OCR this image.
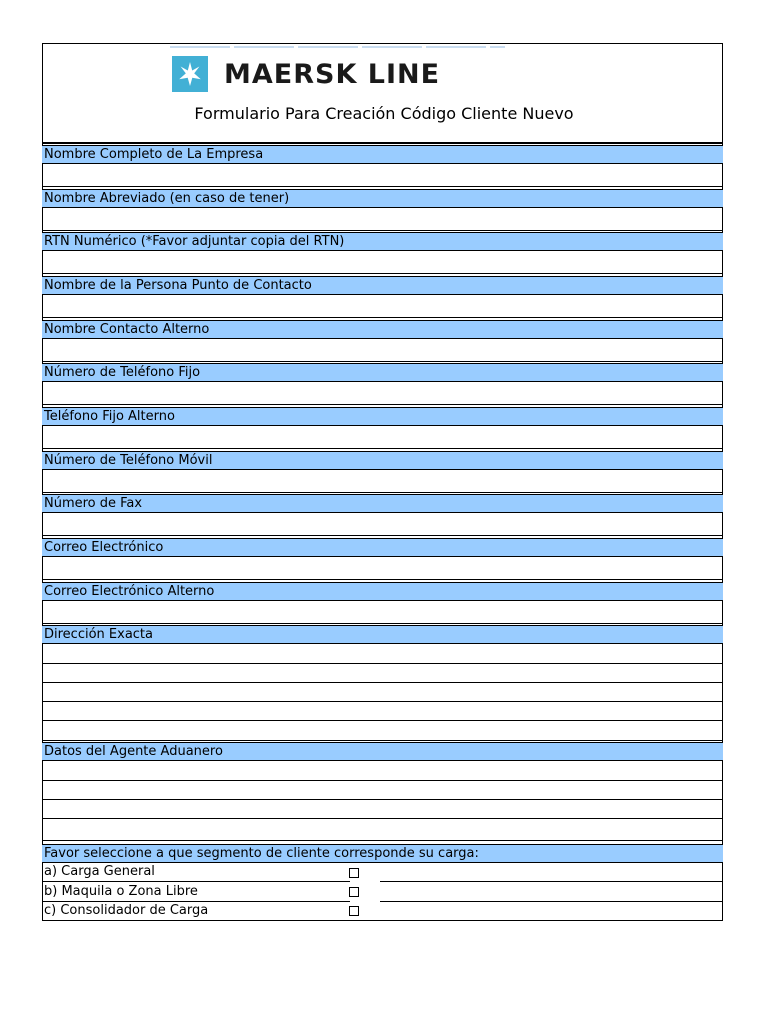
MAERSK LINE
Formulario Para Creación Código Cliente Nuevo
Nombre Completo de La Empresa
Nombre Abreviado (en caso de tener)
RTN Numérico (*Favor adjuntar copia del RTN)
Nombre de la Persona Punto de Contacto
Nombre Contacto Alterno
Número de Teléfono Fijo
Teléfono Fijo Alterno
Número de Teléfono Móvil
Número de Fax
Correo Electrónico
Correo Electrónico Alterno
Dirección Exacta
Datos del Agente Aduanero
Favor seleccione a que segmento de cliente corresponde su carga:
a) Carga General
b) Maquila o Zona Libre
c) Consolidador de Carga
